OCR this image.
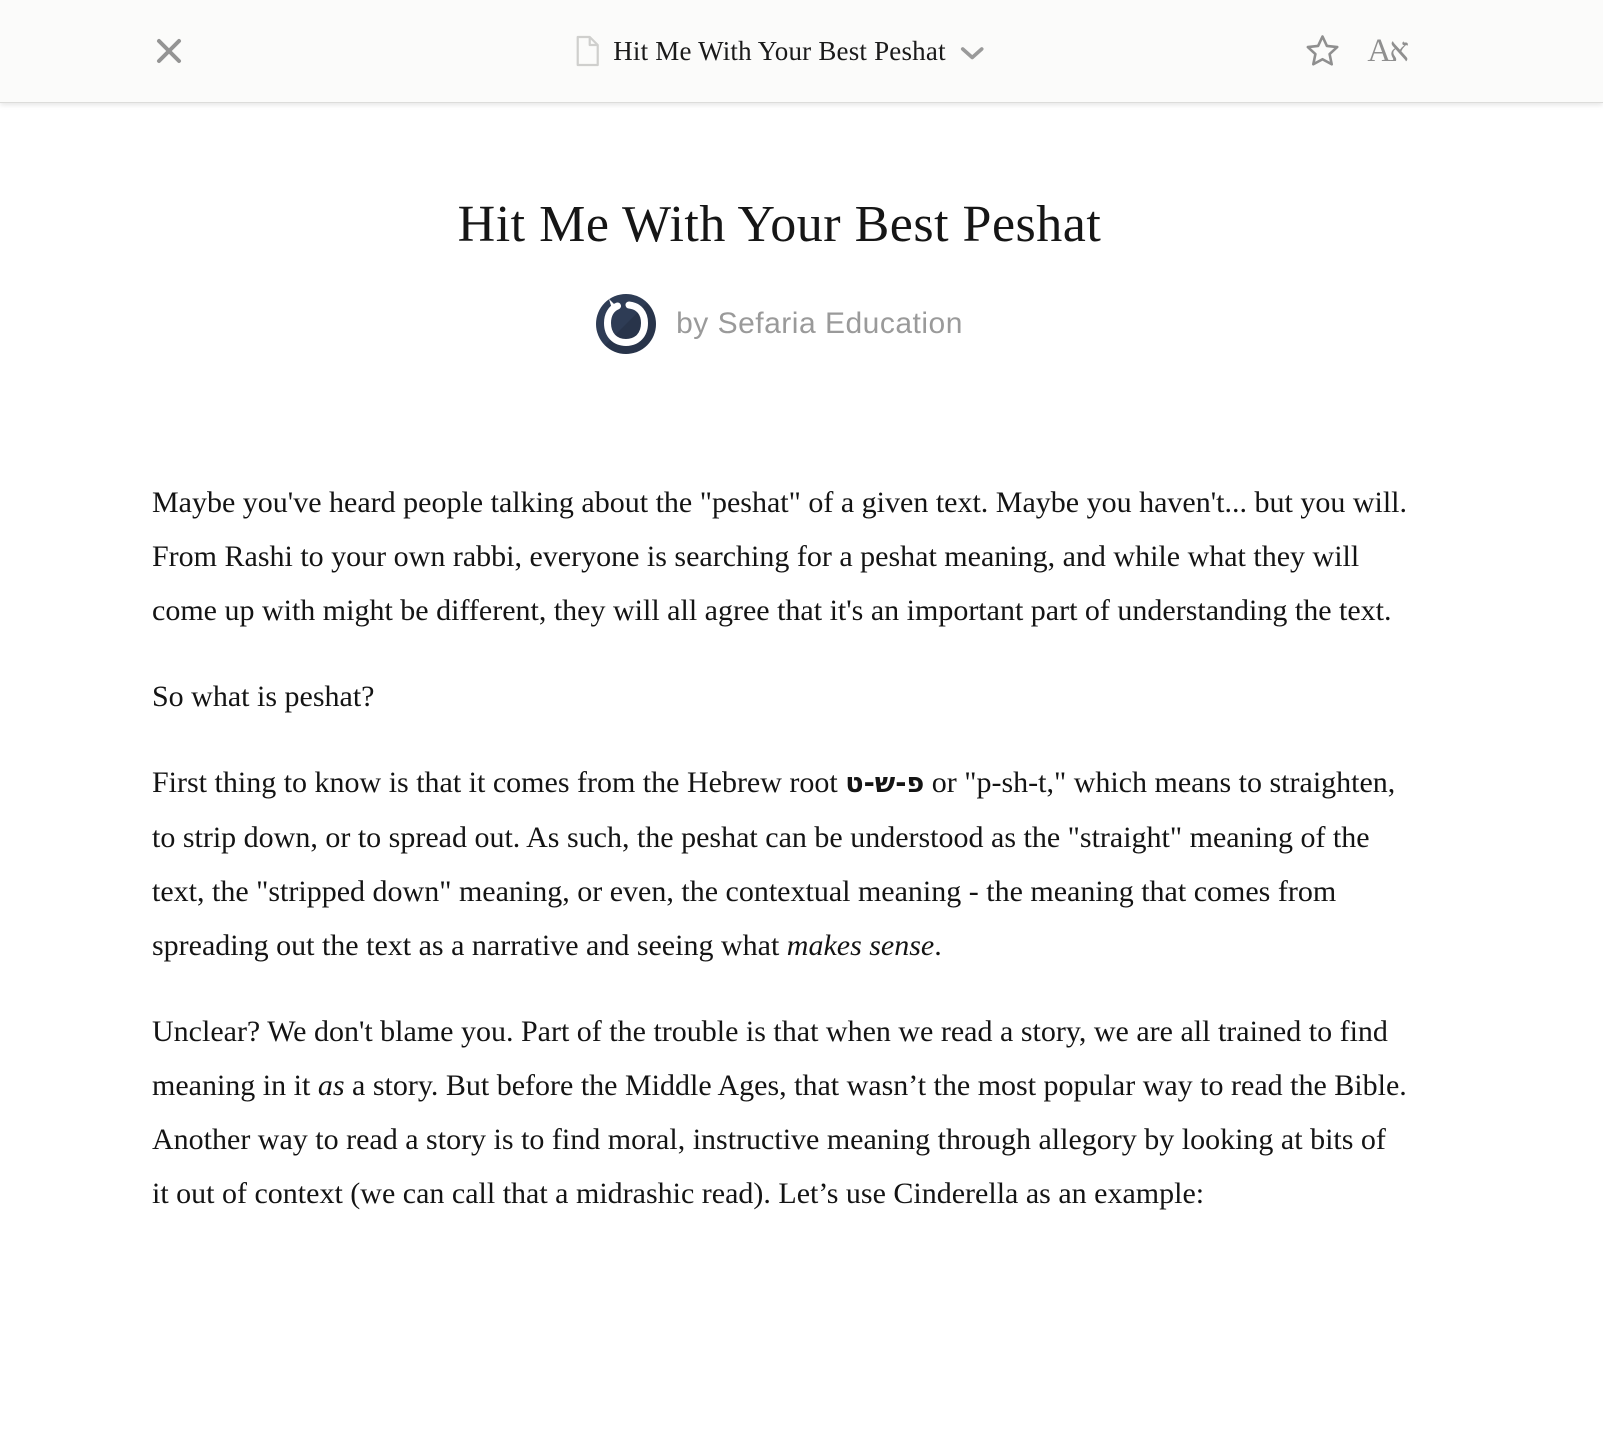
Hit Me With Your Best Peshat	Aא
Hit Me With Your Best Peshat
by Sefaria Education

Maybe you've heard people talking about the "peshat" of a given text. Maybe you haven't... but you will. From Rashi to your own rabbi, everyone is searching for a peshat meaning, and while what they will come up with might be different, they will all agree that it's an important part of understanding the text.

So what is peshat?

First thing to know is that it comes from the Hebrew root פ-ש-ט or "p-sh-t," which means to straighten, to strip down, or to spread out. As such, the peshat can be understood as the "straight" meaning of the text, the "stripped down" meaning, or even, the contextual meaning - the meaning that comes from spreading out the text as a narrative and seeing what makes sense.

Unclear? We don't blame you. Part of the trouble is that when we read a story, we are all trained to find meaning in it as a story. But before the Middle Ages, that wasn’t the most popular way to read the Bible. Another way to read a story is to find moral, instructive meaning through allegory by looking at bits of it out of context (we can call that a midrashic read). Let’s use Cinderella as an example:
